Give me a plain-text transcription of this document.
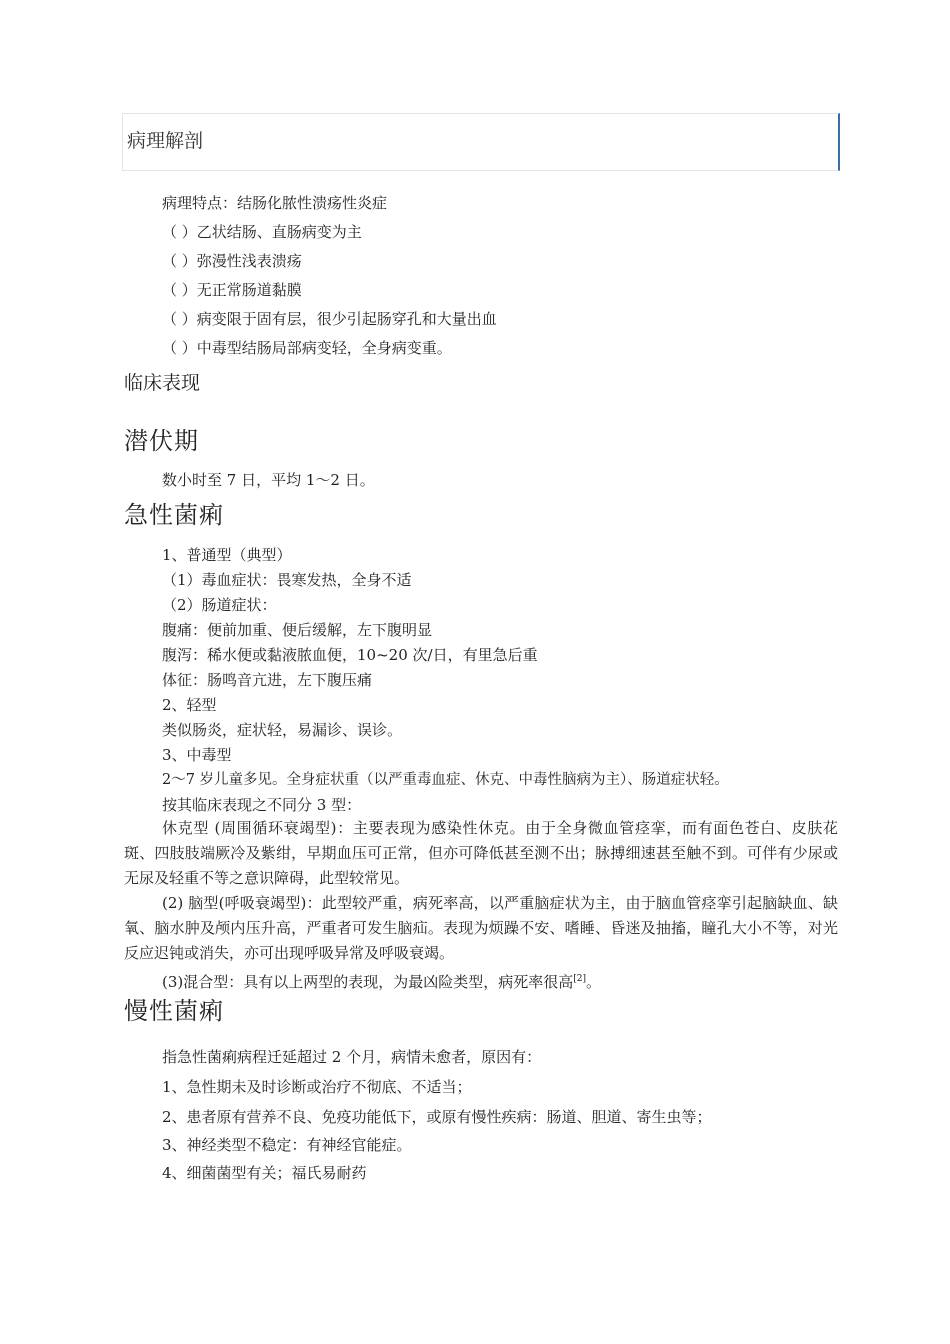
病理解剖
病理特点：结肠化脓性溃疡性炎症
（ ）乙状结肠、直肠病变为主
（ ）弥漫性浅表溃疡
（ ）无正常肠道黏膜
（ ）病变限于固有层，很少引起肠穿孔和大量出血
（ ）中毒型结肠局部病变轻，全身病变重。
临床表现
潜伏期
数小时至 7 日，平均 1～2 日。
急性菌痢
1、普通型（典型）
（1）毒血症状：畏寒发热，全身不适
（2）肠道症状：
腹痛：便前加重、便后缓解，左下腹明显
腹泻：稀水便或黏液脓血便，10~20 次/日，有里急后重
体征：肠鸣音亢进，左下腹压痛
2、轻型
类似肠炎，症状轻，易漏诊、误诊。
3、中毒型
2～7 岁儿童多见。全身症状重（以严重毒血症、休克、中毒性脑病为主）、肠道症状轻。
按其临床表现之不同分 3 型：
休克型 (周围循环衰竭型)：主要表现为感染性休克。由于全身微血管痉挛，而有面色苍白、皮肤花斑、四肢肢端厥冷及紫绀，早期血压可正常，但亦可降低甚至测不出；脉搏细速甚至触不到。可伴有少尿或无尿及轻重不等之意识障碍，此型较常见。
(2) 脑型(呼吸衰竭型)：此型较严重，病死率高，以严重脑症状为主，由于脑血管痉挛引起脑缺血、缺氧、脑水肿及颅内压升高，严重者可发生脑疝。表现为烦躁不安、嗜睡、昏迷及抽搐，瞳孔大小不等，对光反应迟钝或消失，亦可出现呼吸异常及呼吸衰竭。
(3)混合型：具有以上两型的表现，为最凶险类型，病死率很高[2]。
慢性菌痢
指急性菌痢病程迁延超过 2 个月，病情未愈者，原因有：
1、急性期未及时诊断或治疗不彻底、不适当；
2、患者原有营养不良、免疫功能低下，或原有慢性疾病：肠道、胆道、寄生虫等；
3、神经类型不稳定：有神经官能症。
4、细菌菌型有关；福氏易耐药
